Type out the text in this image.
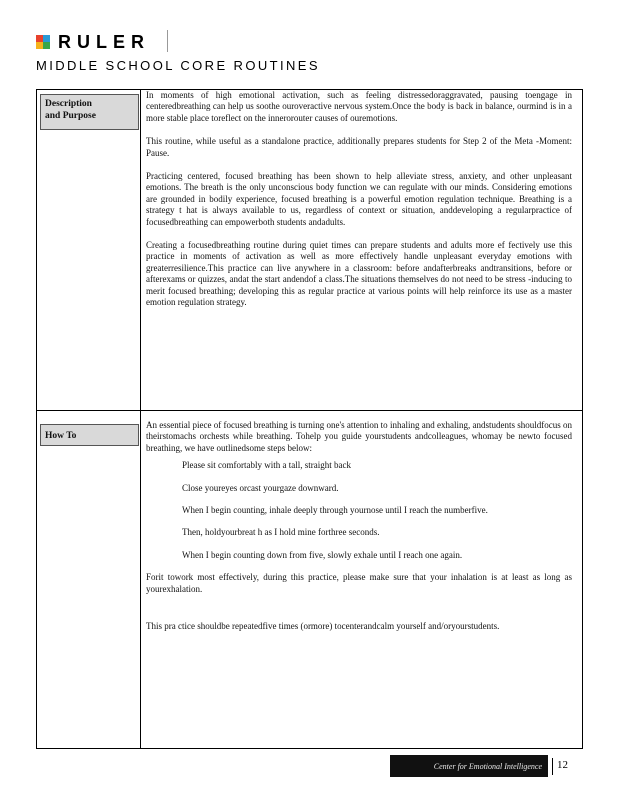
RULER
MIDDLE SCHOOL CORE ROUTINES
Description
and Purpose

In moments of high emotional activation, such as feeling distressedoraggravated, pausing toengage in centeredbreathing can help us soothe ouroveractive nervous system.Once the body is back in balance, ourmind is in a more stable place toreflect on the innerorouter causes of ouremotions.

This routine, while useful as a standalone practice, additionally prepares students for Step 2 of the Meta -Moment: Pause.

Practicing centered, focused breathing has been shown to help alleviate stress, anxiety, and other unpleasant emotions. The breath is the only unconscious body function we can regulate with our minds. Considering emotions are grounded in bodily experience, focused breathing is a powerful emotion regulation technique. Breathing is a strategy t hat is always available to us, regardless of context or situation, anddeveloping a regularpractice of focusedbreathing can empowerboth students andadults.

Creating a focusedbreathing routine during quiet times can prepare students and adults more ef fectively use this practice in moments of activation as well as more effectively handle unpleasant everyday emotions with greaterresilience.This practice can live anywhere in a classroom: before andafterbreaks andtransitions, before or afterexams or quizzes, andat the start andendof a class.The situations themselves do not need to be stress -inducing to merit focused breathing; developing this as regular practice at various points will help reinforce its use as a master emotion regulation strategy.

How To

An essential piece of focused breathing is turning one's attention to inhaling and exhaling, andstudents shouldfocus on theirstomachs orchests while breathing. Tohelp you guide yourstudents andcolleagues, whomay be newto focused breathing, we have outlinedsome steps below:

Please sit comfortably with a tall, straight back
Close youreyes orcast yourgaze downward.
When I begin counting, inhale deeply through yournose until I reach the numberfive.
Then, holdyourbreat h as I hold mine forthree seconds.
When I begin counting down from five, slowly exhale until I reach one again.

Forit towork most effectively, during this practice, please make sure that your inhalation is at least as long as yourexhalation.

This pra ctice shouldbe repeatedfive times (ormore) tocenterandcalm yourself and/oryourstudents.

Center for Emotional Intelligence 12
